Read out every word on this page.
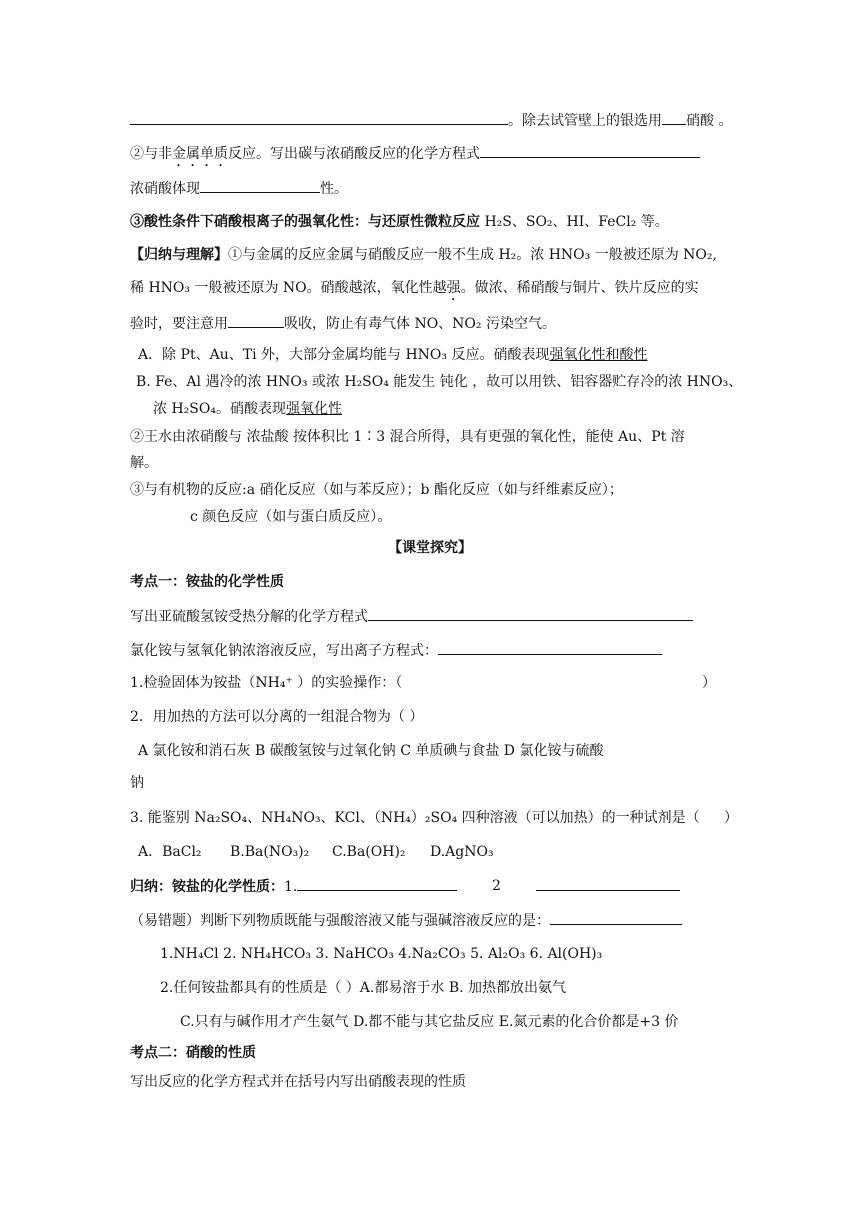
。除去试管壁上的银选用 硝酸 。
②与非金属单质反应。写出碳与浓硝酸反应的化学方程式
浓硝酸体现	性。
③酸性条件下硝酸根离子的强氧化性：与还原性微粒反应 H₂S、SO₂、HI、FeCl₂ 等。
【归纳与理解】①与金属的反应金属与硝酸反应一般不生成 H₂。浓 HNO₃ 一般被还原为 NO₂,
稀 HNO₃ 一般被还原为 NO。硝酸越浓，氧化性越强。做浓、稀硝酸与铜片、铁片反应的实
验时，要注意用	吸收，防止有毒气体 NO、NO₂ 污染空气。
A．除 Pt、Au、Ti 外，大部分金属均能与 HNO₃ 反应。硝酸表现强氧化性和酸性
B. Fe、Al 遇冷的浓 HNO₃ 或浓 H₂SO₄ 能发生 钝化 ，故可以用铁、铝容器贮存冷的浓 HNO₃、
浓 H₂SO₄。硝酸表现强氧化性
②王水由浓硝酸与 浓盐酸 按体积比 1∶3 混合所得，具有更强的氧化性，能使 Au、Pt 溶
解。
③与有机物的反应:a 硝化反应（如与苯反应）；b 酯化反应（如与纤维素反应）；
c 颜色反应（如与蛋白质反应）。
【课堂探究】
考点一：铵盐的化学性质
写出亚硫酸氢铵受热分解的化学方程式
氯化铵与氢氧化钠浓溶液反应，写出离子方程式：
1.检验固体为铵盐（NH₄⁺ ）的实验操作：（	）
2．用加热的方法可以分离的一组混合物为（ ）
A 氯化铵和消石灰 B 碳酸氢铵与过氧化钠 C 单质碘与食盐 D 氯化铵与硫酸
钠
3. 能鉴别 Na₂SO₄、NH₄NO₃、KCl、（NH₄）₂SO₄ 四种溶液（可以加热）的一种试剂是（ ）
A．BaCl₂ B.Ba(NO₃)₂ C.Ba(OH)₂ D.AgNO₃
归纳：铵盐的化学性质：1.	2
（易错题）判断下列物质既能与强酸溶液又能与强碱溶液反应的是：
1.NH₄Cl 2. NH₄HCO₃ 3. NaHCO₃ 4.Na₂CO₃ 5. Al₂O₃ 6. Al(OH)₃
2.任何铵盐都具有的性质是（ ）A.都易溶于水 B. 加热都放出氨气
C.只有与碱作用才产生氨气 D.都不能与其它盐反应 E.氮元素的化合价都是+3 价
考点二：硝酸的性质
写出反应的化学方程式并在括号内写出硝酸表现的性质
